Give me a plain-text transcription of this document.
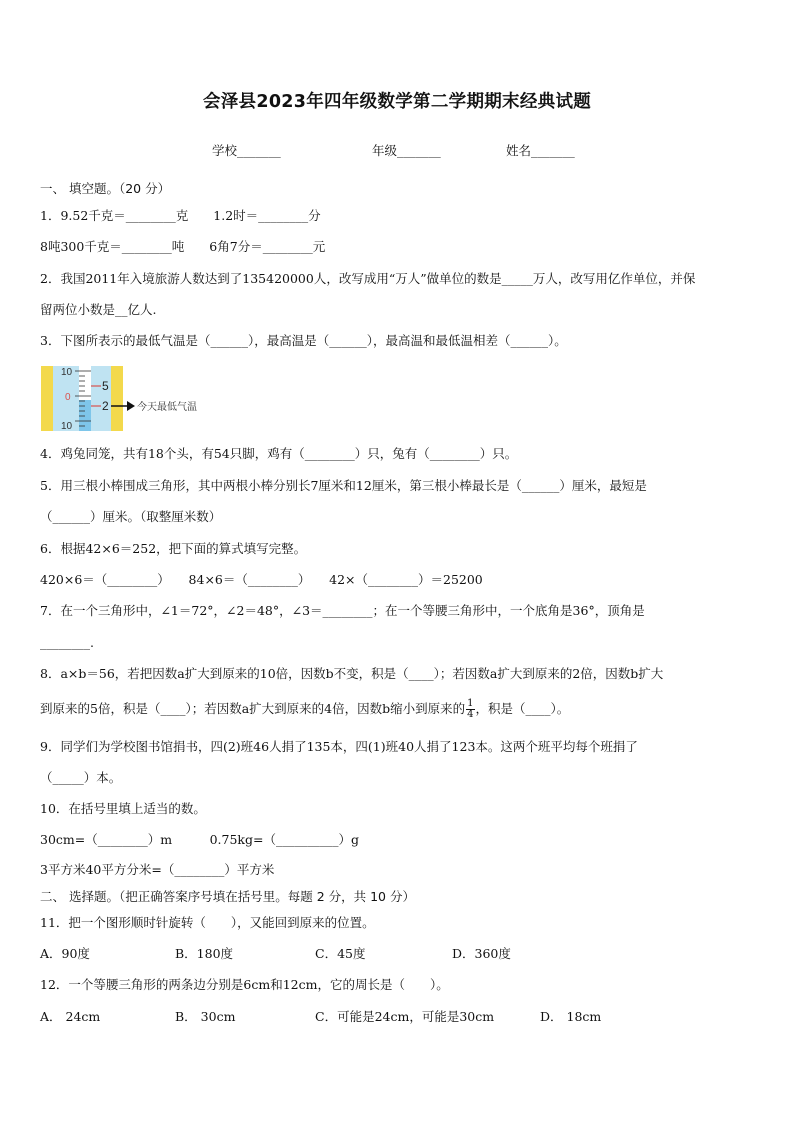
会泽县2023年四年级数学第二学期期末经典试题
学校_______	年级_______	姓名_______
一、 填空题。（20 分）
1．9.52千克＝________克　　1.2时＝________分
8吨300千克＝________吨　　6角7分＝________元
2．我国2011年入境旅游人数达到了135420000人，改写成用“万人”做单位的数是_____万人，改写用亿作单位，并保
留两位小数是__亿人.
3．下图所表示的最低气温是（______），最高温是（______），最高温和最低温相差（______）。
10
0
10
5
2	今天最低气温
4．鸡兔同笼，共有18个头，有54只脚，鸡有（________）只，兔有（________）只。
5．用三根小棒围成三角形，其中两根小棒分别长7厘米和12厘米，第三根小棒最长是（______）厘米，最短是
（______）厘米。（取整厘米数）
6．根据42×6＝252，把下面的算式填写完整。
420×6＝（________）　　84×6＝（________）　　42×（________）＝25200
7．在一个三角形中，∠1＝72°，∠2＝48°，∠3＝________；在一个等腰三角形中，一个底角是36°，顶角是
________.
8．a×b＝56，若把因数a扩大到原来的10倍，因数b不变，积是（____）；若因数a扩大到原来的2倍，因数b扩大
到原来的5倍，积是（____）；若因数a扩大到原来的4倍，因数b缩小到原来的 $\frac{1}{4}$ ，积是（____）。
9．同学们为学校图书馆捐书，四(2)班46人捐了135本，四(1)班40人捐了123本。这两个班平均每个班捐了
（_____）本。
10．在括号里填上适当的数。
30cm=（________）m　　　0.75kg=（__________）g
3平方米40平方分米=（________）平方米
二、 选择题。（把正确答案序号填在括号里。每题 2 分，共 10 分）
11．把一个图形顺时针旋转（　　），又能回到原来的位置。
A．90度	B．180度	C．45度	D．360度
12．一个等腰三角形的两条边分别是6cm和12cm，它的周长是（　　）。
A． 24cm	B． 30cm	C．可能是24cm，可能是30cm	D． 18cm
